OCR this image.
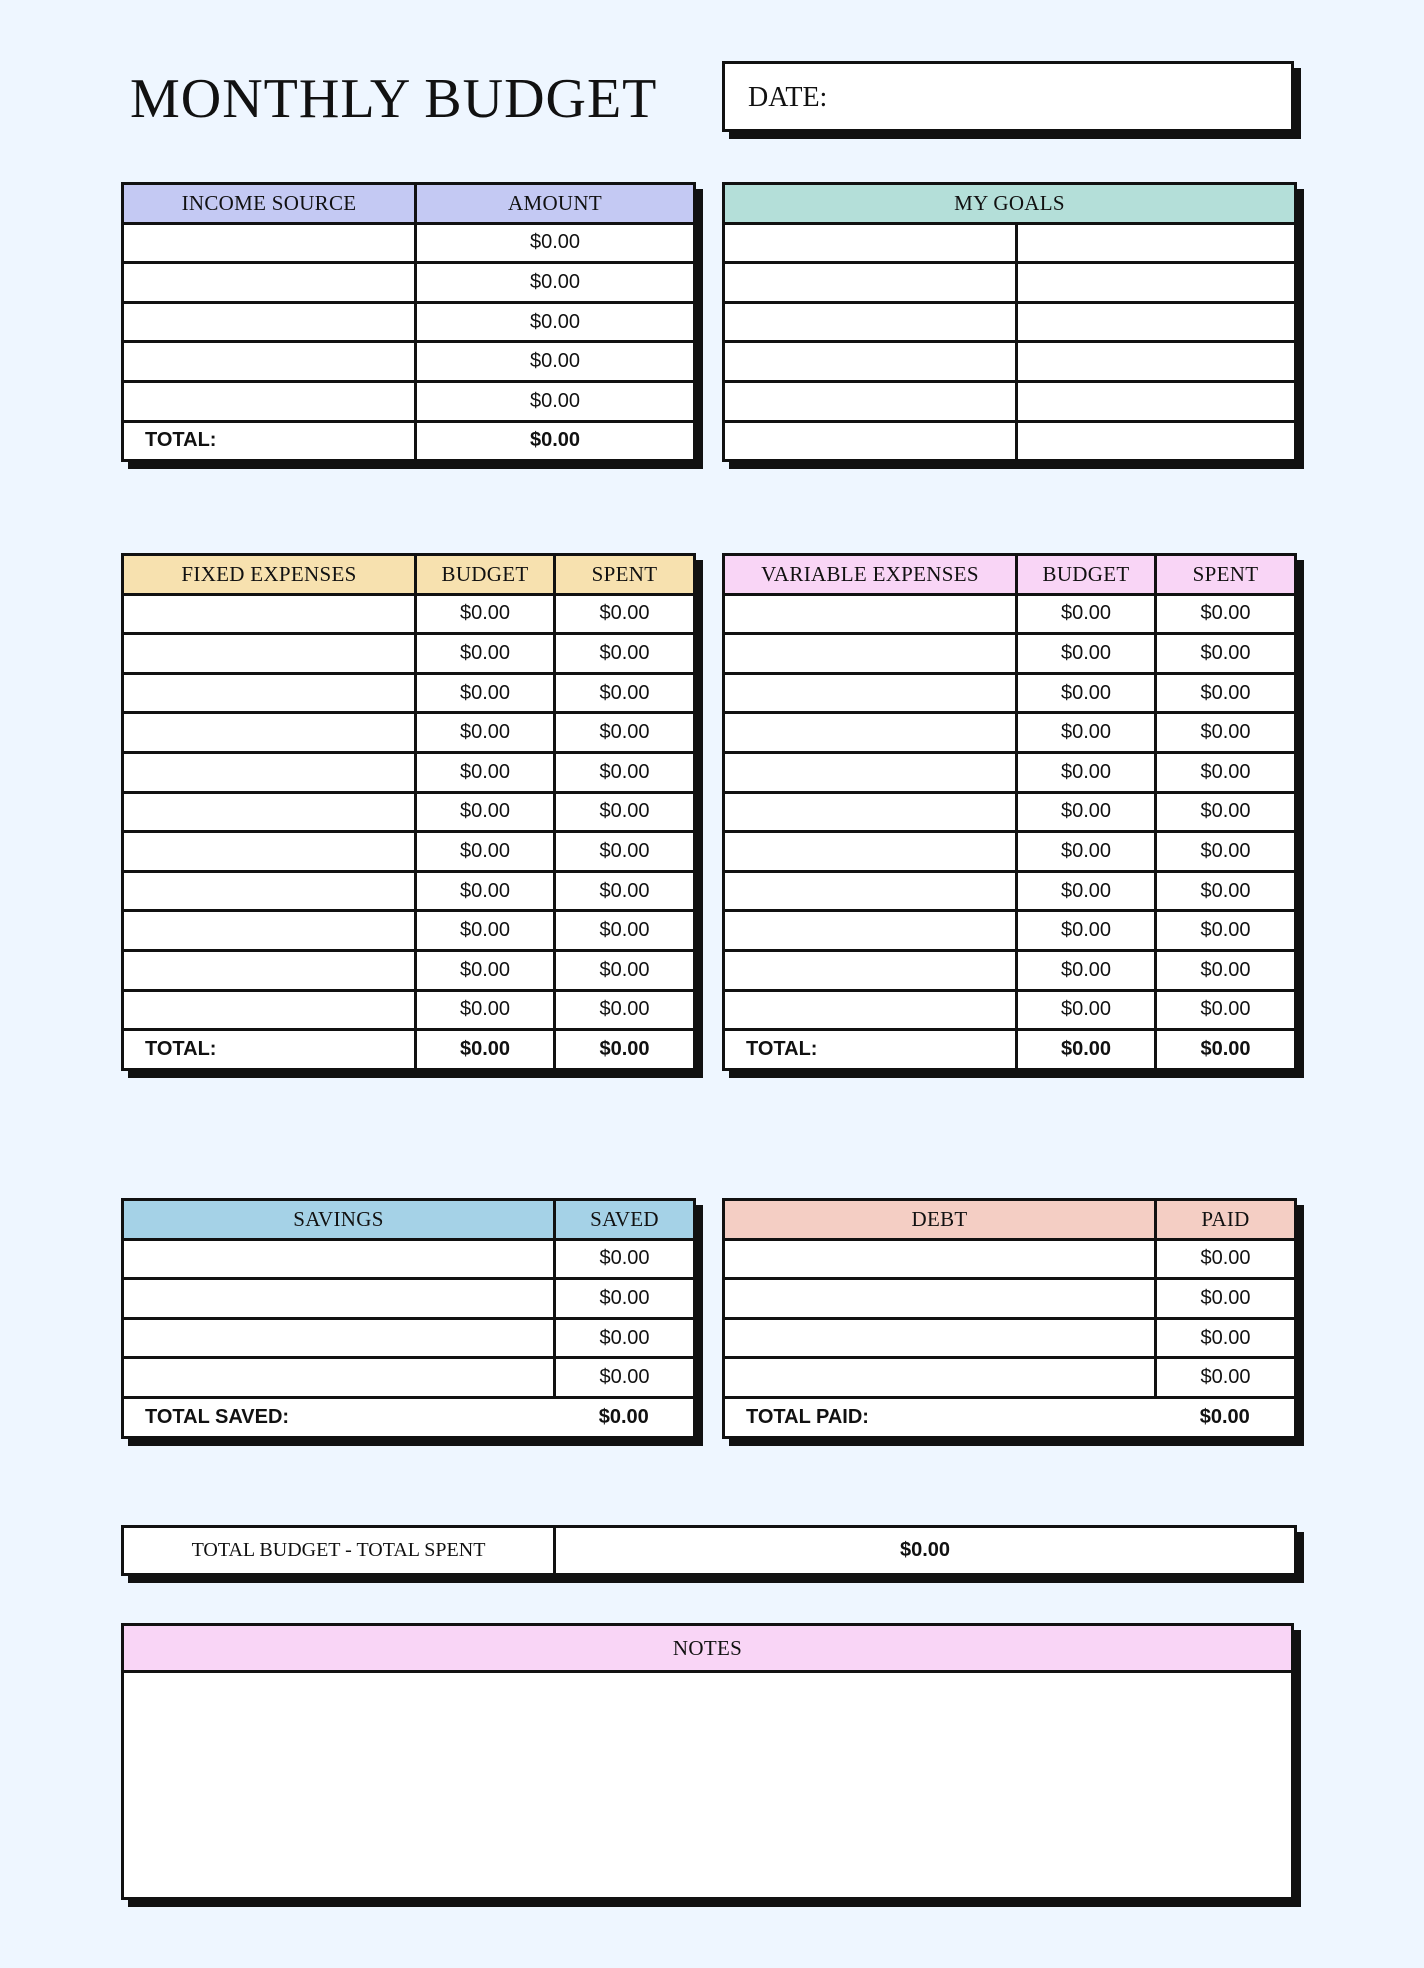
MONTHLY BUDGET	DATE:
INCOME SOURCE	AMOUNT
	$0.00
	$0.00
	$0.00
	$0.00
	$0.00
TOTAL:	$0.00
MY GOALS	

FIXED EXPENSES	BUDGET	SPENT
	$0.00	$0.00
	$0.00	$0.00
	$0.00	$0.00
	$0.00	$0.00
	$0.00	$0.00
	$0.00	$0.00
	$0.00	$0.00
	$0.00	$0.00
	$0.00	$0.00
	$0.00	$0.00
	$0.00	$0.00
TOTAL:	$0.00	$0.00
VARIABLE EXPENSES	BUDGET	SPENT
	$0.00	$0.00
	$0.00	$0.00
	$0.00	$0.00
	$0.00	$0.00
	$0.00	$0.00
	$0.00	$0.00
	$0.00	$0.00
	$0.00	$0.00
	$0.00	$0.00
	$0.00	$0.00
	$0.00	$0.00
TOTAL:	$0.00	$0.00
SAVINGS	SAVED
	$0.00
	$0.00
	$0.00
	$0.00
TOTAL SAVED:	$0.00
DEBT	PAID
	$0.00
	$0.00
	$0.00
	$0.00
TOTAL PAID:	$0.00
TOTAL BUDGET - TOTAL SPENT	$0.00
NOTES
